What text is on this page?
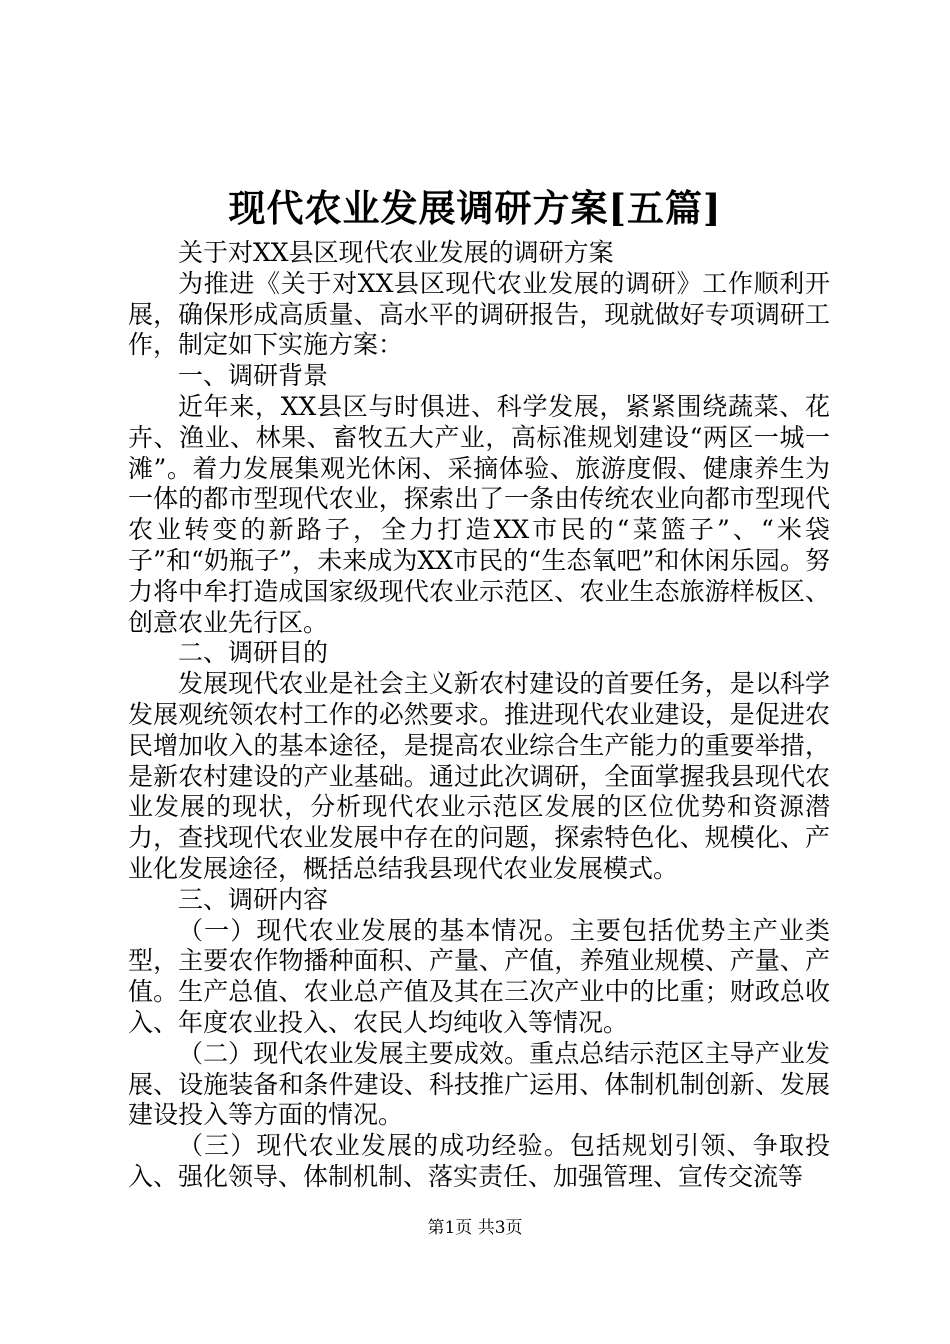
现代农业发展调研方案[五篇]

关于对XX县区现代农业发展的调研方案

为推进《关于对XX县区现代农业发展的调研》工作顺利开展，确保形成高质量、高水平的调研报告，现就做好专项调研工作，制定如下实施方案：

一、调研背景

近年来，XX县区与时俱进、科学发展，紧紧围绕蔬菜、花卉、渔业、林果、畜牧五大产业，高标准规划建设“两区一城一滩”。着力发展集观光休闲、采摘体验、旅游度假、健康养生为一体的都市型现代农业，探索出了一条由传统农业向都市型现代农业转变的新路子，全力打造XX市民的“菜篮子”、“米袋子”和“奶瓶子”，未来成为XX市民的“生态氧吧”和休闲乐园。努力将中牟打造成国家级现代农业示范区、农业生态旅游样板区、创意农业先行区。

二、调研目的

发展现代农业是社会主义新农村建设的首要任务，是以科学发展观统领农村工作的必然要求。推进现代农业建设，是促进农民增加收入的基本途径，是提高农业综合生产能力的重要举措，是新农村建设的产业基础。通过此次调研，全面掌握我县现代农业发展的现状，分析现代农业示范区发展的区位优势和资源潜力，查找现代农业发展中存在的问题，探索特色化、规模化、产业化发展途径，概括总结我县现代农业发展模式。

三、调研内容

（一）现代农业发展的基本情况。主要包括优势主产业类型，主要农作物播种面积、产量、产值，养殖业规模、产量、产值。生产总值、农业总产值及其在三次产业中的比重；财政总收入、年度农业投入、农民人均纯收入等情况。

（二）现代农业发展主要成效。重点总结示范区主导产业发展、设施装备和条件建设、科技推广运用、体制机制创新、发展建设投入等方面的情况。

（三）现代农业发展的成功经验。包括规划引领、争取投入、强化领导、体制机制、落实责任、加强管理、宣传交流等

第1页 共3页
